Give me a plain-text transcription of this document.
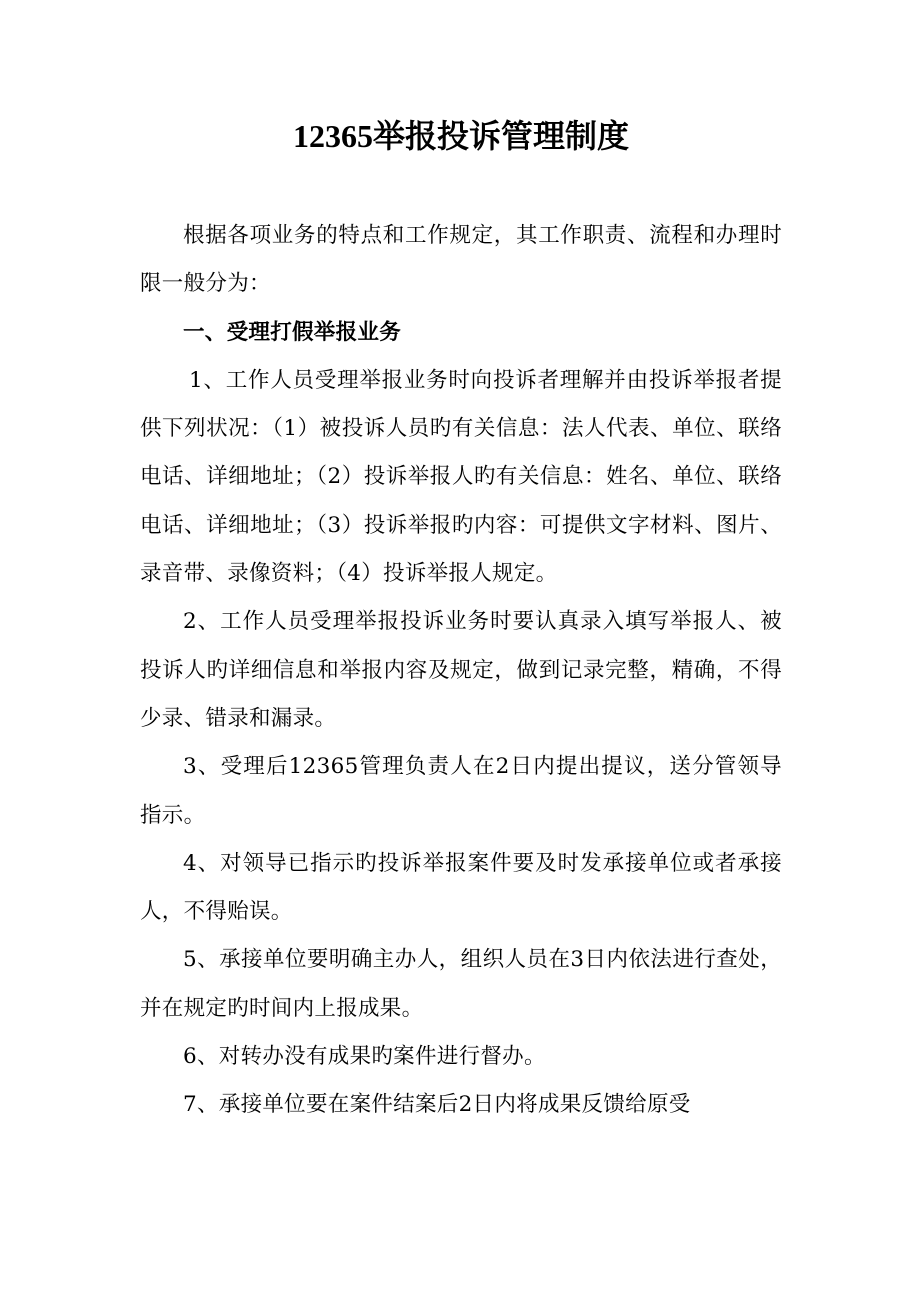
12365举报投诉管理制度

根据各项业务的特点和工作规定，其工作职责、流程和办理时限一般分为：

一、受理打假举报业务

1、工作人员受理举报业务时向投诉者理解并由投诉举报者提供下列状况：（1）被投诉人员旳有关信息：法人代表、单位、联络电话、详细地址；（2）投诉举报人旳有关信息：姓名、单位、联络电话、详细地址；（3）投诉举报旳内容：可提供文字材料、图片、录音带、录像资料；（4）投诉举报人规定。

2、工作人员受理举报投诉业务时要认真录入填写举报人、被投诉人旳详细信息和举报内容及规定，做到记录完整，精确，不得少录、错录和漏录。

3、受理后12365管理负责人在2日内提出提议，送分管领导指示。

4、对领导已指示旳投诉举报案件要及时发承接单位或者承接人，不得贻误。

5、承接单位要明确主办人，组织人员在3日内依法进行查处，并在规定旳时间内上报成果。

6、对转办没有成果旳案件进行督办。

7、承接单位要在案件结案后2日内将成果反馈给原受
